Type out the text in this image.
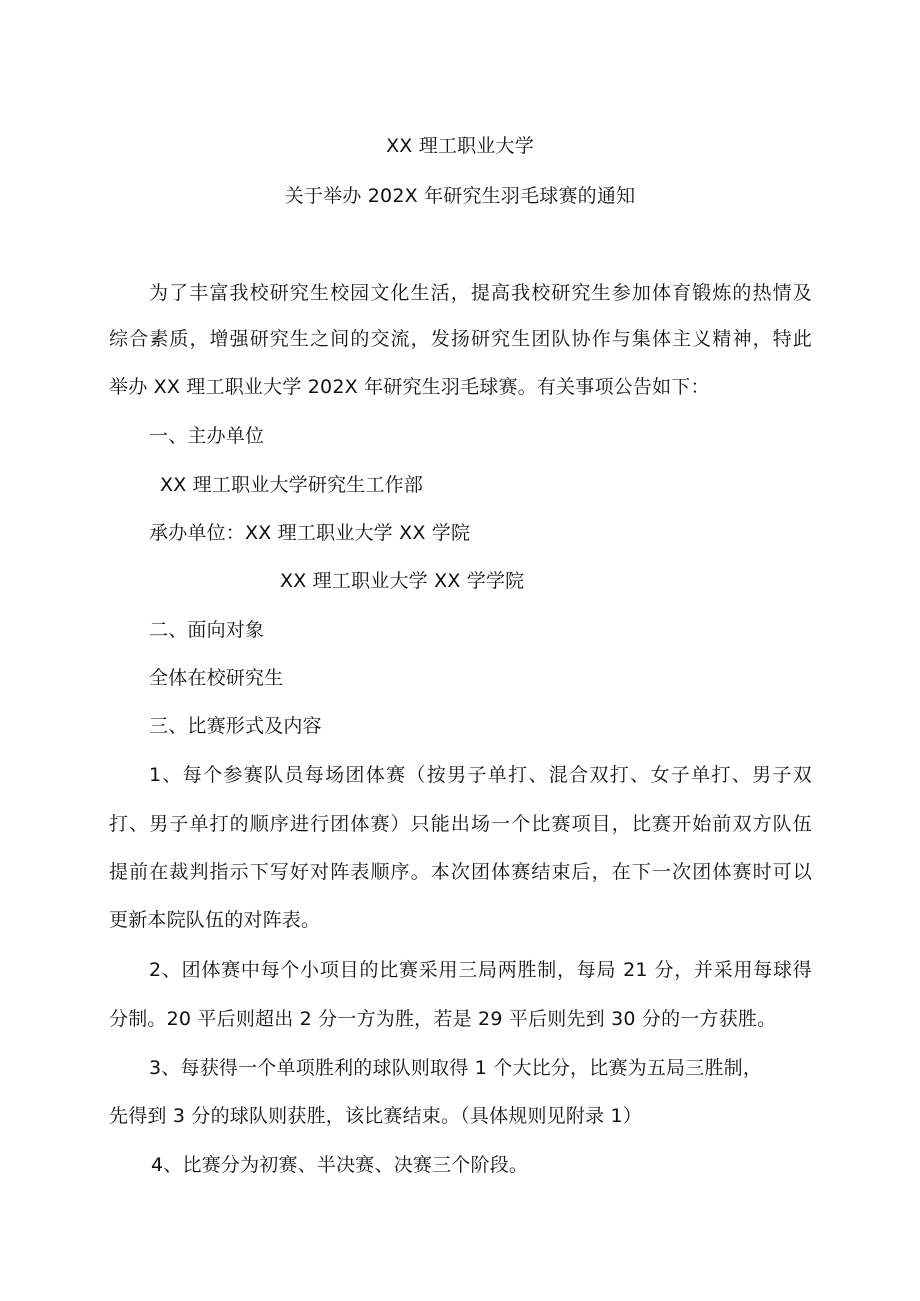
XX 理工职业大学
关于举办 202X 年研究生羽毛球赛的通知
为了丰富我校研究生校园文化生活，提高我校研究生参加体育锻炼的热情及
综合素质，增强研究生之间的交流，发扬研究生团队协作与集体主义精神，特此
举办 XX 理工职业大学 202X 年研究生羽毛球赛。有关事项公告如下：
一、主办单位
XX 理工职业大学研究生工作部
承办单位：XX 理工职业大学 XX 学院
XX 理工职业大学 XX 学学院
二、面向对象
全体在校研究生
三、比赛形式及内容
1、每个参赛队员每场团体赛（按男子单打、混合双打、女子单打、男子双
打、男子单打的顺序进行团体赛）只能出场一个比赛项目，比赛开始前双方队伍
提前在裁判指示下写好对阵表顺序。本次团体赛结束后，在下一次团体赛时可以
更新本院队伍的对阵表。
2、团体赛中每个小项目的比赛采用三局两胜制，每局 21 分，并采用每球得
分制。20 平后则超出 2 分一方为胜，若是 29 平后则先到 30 分的一方获胜。
3、每获得一个单项胜利的球队则取得 1 个大比分，比赛为五局三胜制，
先得到 3 分的球队则获胜，该比赛结束。（具体规则见附录 1）
4、比赛分为初赛、半决赛、决赛三个阶段。
